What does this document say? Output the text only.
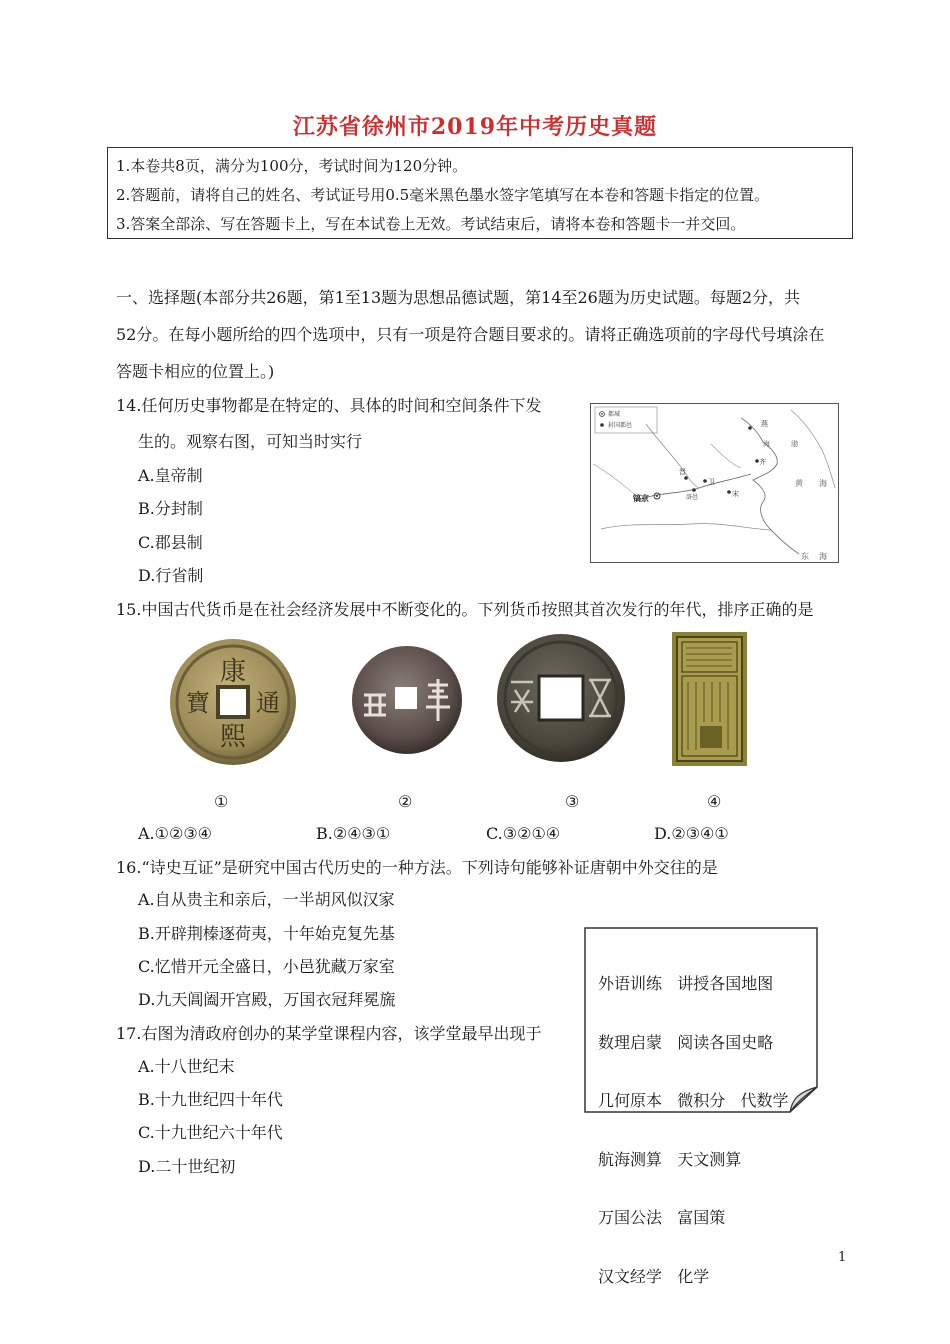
江苏省徐州市2019年中考历史真题
1.本卷共8页，满分为100分，考试时间为120分钟。
2.答题前，请将自己的姓名、考试证号用0.5毫米黑色墨水签字笔填写在本卷和答题卡指定的位置。
3.答案全部涂、写在答题卡上，写在本试卷上无效。考试结束后，请将本卷和答题卡一并交回。
一、选择题(本部分共26题，第1至13题为思想品德试题，第14至26题为历史试题。每题2分，共
52分。在每小题所给的四个选项中，只有一项是符合题目要求的。请将正确选项前的字母代号填涂在
答题卡相应的位置上。)
14.任何历史事物都是在特定的、具体的时间和空间条件下发
生的。观察右图，可知当时实行
A.皇帝制
B.分封制
C.郡县制
D.行省制
都城
封国都邑	燕
渤
海
齐
黄 海
晋
卫
洛邑	宋
东 海
镐京
15.中国古代货币是在社会经济发展中不断变化的。下列货币按照其首次发行的年代，排序正确的是
康
熙
通
寶
①	②	③	④
A.①②③④	B.②④③①	C.③②①④	D.②③④①
16.“诗史互证”是研究中国古代历史的一种方法。下列诗句能够补证唐朝中外交往的是
A.自从贵主和亲后，一半胡风似汉家
B.开辟荆榛逐荷夷，十年始克复先基
C.忆惜开元全盛日，小邑犹藏万家室
D.九天阊阖开宫殿，万国衣冠拜冕旒

外语训练   讲授各国地图

数理启蒙   阅读各国史略

几何原本   微积分   代数学

航海测算   天文测算

万国公法   富国策

汉文经学   化学

17.右图为清政府创办的某学堂课程内容，该学堂最早出现于
A.十八世纪末
B.十九世纪四十年代
C.十九世纪六十年代
D.二十世纪初
1
